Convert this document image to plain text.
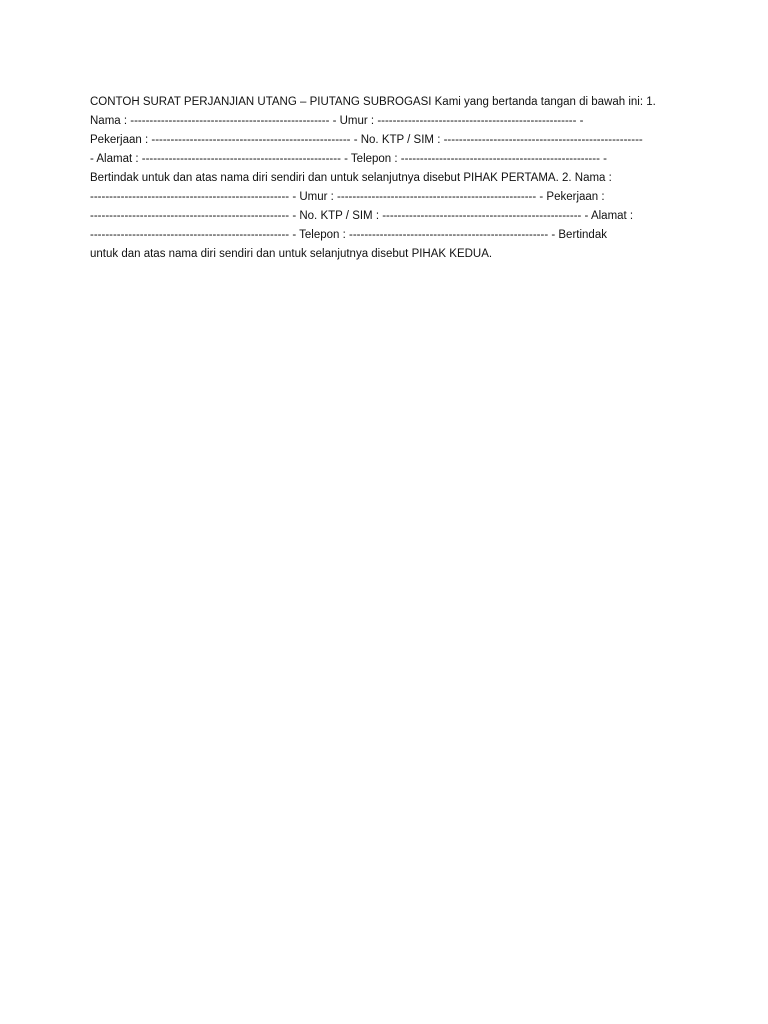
CONTOH SURAT PERJANJIAN UTANG – PIUTANG SUBROGASI Kami yang bertanda tangan di bawah ini: 1.
Nama : ---------------------------------------------------- - Umur : ---------------------------------------------------- -
Pekerjaan : ---------------------------------------------------- - No. KTP / SIM : ----------------------------------------------------
- Alamat : ---------------------------------------------------- - Telepon : ---------------------------------------------------- -
Bertindak untuk dan atas nama diri sendiri dan untuk selanjutnya disebut PIHAK PERTAMA. 2. Nama :
---------------------------------------------------- - Umur : ---------------------------------------------------- - Pekerjaan :
---------------------------------------------------- - No. KTP / SIM : ---------------------------------------------------- - Alamat :
---------------------------------------------------- - Telepon : ---------------------------------------------------- - Bertindak
untuk dan atas nama diri sendiri dan untuk selanjutnya disebut PIHAK KEDUA.
